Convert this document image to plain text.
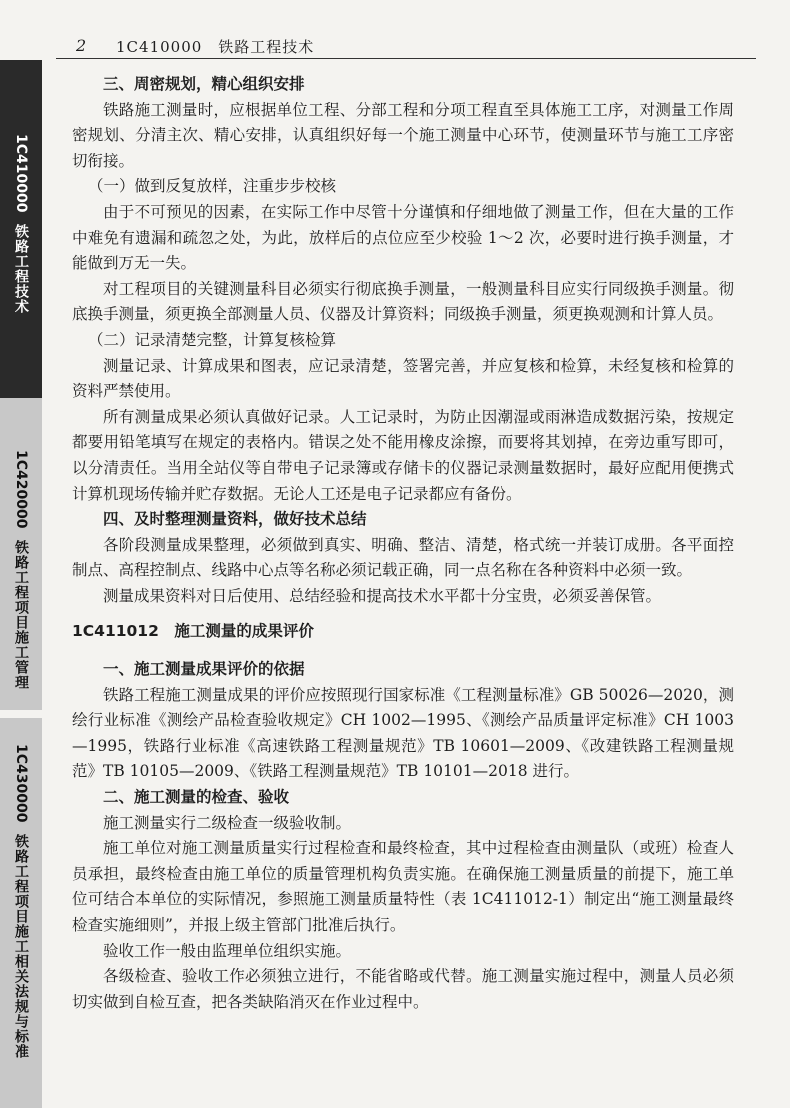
2 1C410000　铁路工程技术
1C410000
铁路工程技术
1C420000
铁路工程项目施工管理
1C430000
铁路工程项目施工相关法规与标准

三、周密规划，精心组织安排

铁路施工测量时，应根据单位工程、分部工程和分项工程直至具体施工工序，对测量工作周密规划、分清主次、精心安排，认真组织好每一个施工测量中心环节，使测量环节与施工工序密切衔接。

（一）做到反复放样，注重步步校核

由于不可预见的因素，在实际工作中尽管十分谨慎和仔细地做了测量工作，但在大量的工作中难免有遗漏和疏忽之处，为此，放样后的点位应至少校验 1～2 次，必要时进行换手测量，才能做到万无一失。

对工程项目的关键测量科目必须实行彻底换手测量，一般测量科目应实行同级换手测量。彻底换手测量，须更换全部测量人员、仪器及计算资料；同级换手测量，须更换观测和计算人员。

（二）记录清楚完整，计算复核检算

测量记录、计算成果和图表，应记录清楚，签署完善，并应复核和检算，未经复核和检算的资料严禁使用。

所有测量成果必须认真做好记录。人工记录时，为防止因潮湿或雨淋造成数据污染，按规定都要用铅笔填写在规定的表格内。错误之处不能用橡皮涂擦，而要将其划掉，在旁边重写即可，以分清责任。当用全站仪等自带电子记录簿或存储卡的仪器记录测量数据时，最好应配用便携式计算机现场传输并贮存数据。无论人工还是电子记录都应有备份。

四、及时整理测量资料，做好技术总结

各阶段测量成果整理，必须做到真实、明确、整洁、清楚，格式统一并装订成册。各平面控制点、高程控制点、线路中心点等名称必须记载正确，同一点名称在各种资料中必须一致。

测量成果资料对日后使用、总结经验和提高技术水平都十分宝贵，必须妥善保管。

1C411012　施工测量的成果评价

一、施工测量成果评价的依据

铁路工程施工测量成果的评价应按照现行国家标准《工程测量标准》GB 50026—2020，测绘行业标准《测绘产品检查验收规定》CH 1002—1995、《测绘产品质量评定标准》CH 1003—1995，铁路行业标准《高速铁路工程测量规范》TB 10601—2009、《改建铁路工程测量规范》TB 10105—2009、《铁路工程测量规范》TB 10101—2018 进行。

二、施工测量的检查、验收

施工测量实行二级检查一级验收制。

施工单位对施工测量质量实行过程检查和最终检查，其中过程检查由测量队（或班）检查人员承担，最终检查由施工单位的质量管理机构负责实施。在确保施工测量质量的前提下，施工单位可结合本单位的实际情况，参照施工测量质量特性（表 1C411012-1）制定出“施工测量最终检查实施细则”，并报上级主管部门批准后执行。

验收工作一般由监理单位组织实施。

各级检查、验收工作必须独立进行，不能省略或代替。施工测量实施过程中，测量人员必须切实做到自检互查，把各类缺陷消灭在作业过程中。
